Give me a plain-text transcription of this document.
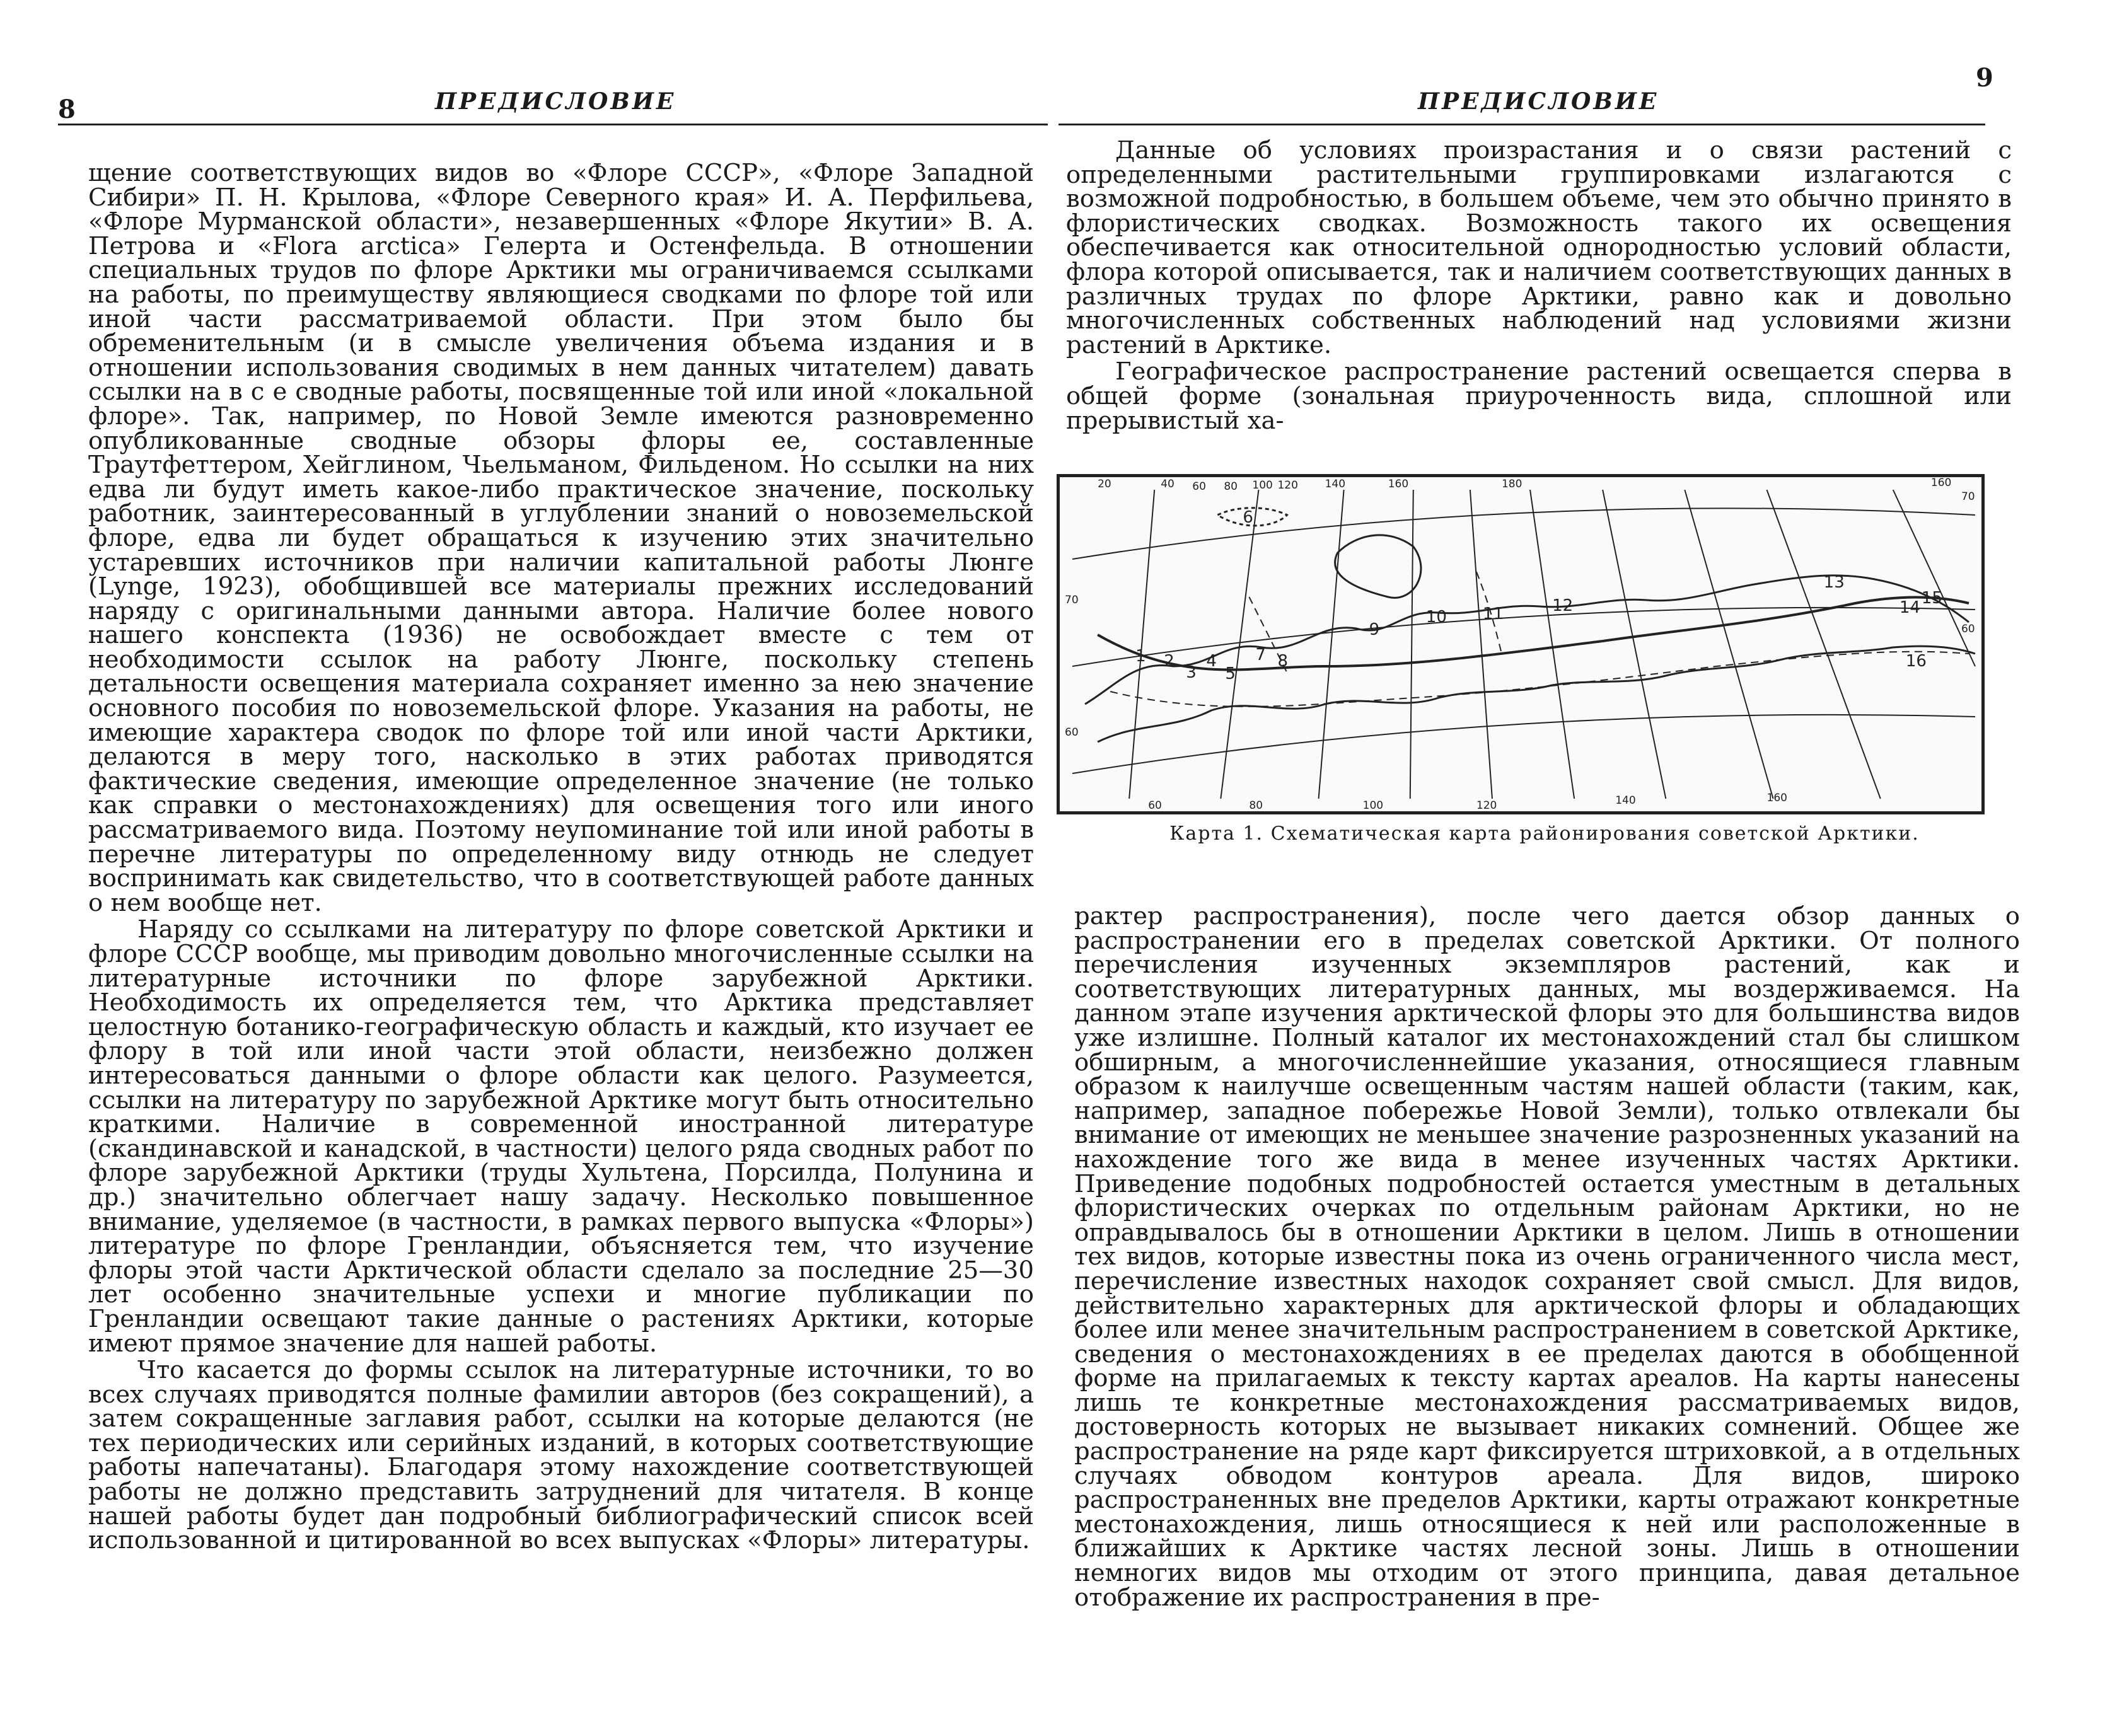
8	ПРЕДИСЛОВИЕ

щение соответствующих видов во «Флоре СССР», «Флоре Западной Сибири» П. Н. Крылова, «Флоре Северного края» И. А. Перфильева, «Флоре Мурманской области», незавершенных «Флоре Якутии» В. А. Петрова и «Flora arctica» Гелерта и Остенфельда. В отношении специальных трудов по флоре Арктики мы ограничиваемся ссылками на работы, по преимуществу являющиеся сводками по флоре той или иной части рассматриваемой области. При этом было бы обременительным (и в смысле увеличения объема издания и в отношении использования сводимых в нем данных читателем) давать ссылки на в с е сводные работы, посвященные той или иной «локальной флоре». Так, например, по Новой Земле имеются разновременно опубликованные сводные обзоры флоры ее, составленные Траутфеттером, Хейглином, Чьельманом, Фильденом. Но ссылки на них едва ли будут иметь какое-либо практическое значение, поскольку работник, заинтересованный в углублении знаний о новоземельской флоре, едва ли будет обращаться к изучению этих значительно устаревших источников при наличии капитальной работы Люнге (Lynge, 1923), обобщившей все материалы прежних исследований наряду с оригинальными данными автора. Наличие более нового нашего конспекта (1936) не освобождает вместе с тем от необходимости ссылок на работу Люнге, поскольку степень детальности освещения материала сохраняет именно за нею значение основного пособия по новоземельской флоре. Указания на работы, не имеющие характера сводок по флоре той или иной части Арктики, делаются в меру того, насколько в этих работах приводятся фактические сведения, имеющие определенное значение (не только как справки о местонахождениях) для освещения того или иного рассматриваемого вида. Поэтому неупоминание той или иной работы в перечне литературы по определенному виду отнюдь не следует воспринимать как свидетельство, что в соответствующей работе данных о нем вообще нет.

Наряду со ссылками на литературу по флоре советской Арктики и флоре СССР вообще, мы приводим довольно многочисленные ссылки на литературные источники по флоре зарубежной Арктики. Необходимость их определяется тем, что Арктика представляет целостную ботанико-географическую область и каждый, кто изучает ее флору в той или иной части этой области, неизбежно должен интересоваться данными о флоре области как целого. Разумеется, ссылки на литературу по зарубежной Арктике могут быть относительно краткими. Наличие в современной иностранной литературе (скандинавской и канадской, в частности) целого ряда сводных работ по флоре зарубежной Арктики (труды Хультена, Порсилда, Полунина и др.) значительно облегчает нашу задачу. Несколько повышенное внимание, уделяемое (в частности, в рамках первого выпуска «Флоры») литературе по флоре Гренландии, объясняется тем, что изучение флоры этой части Арктической области сделало за последние 25—30 лет особенно значительные успехи и многие публикации по Гренландии освещают такие данные о растениях Арктики, которые имеют прямое значение для нашей работы.

Что касается до формы ссылок на литературные источники, то во всех случаях приводятся полные фамилии авторов (без сокращений), а затем сокращенные заглавия работ, ссылки на которые делаются (не тех периодических или серийных изданий, в которых соответствующие работы напечатаны). Благодаря этому нахождение соответствующей работы не должно представить затруднений для читателя. В конце нашей работы будет дан подробный библиографический список всей использованной и цитированной во всех выпусках «Флоры» литературы.

ПРЕДИСЛОВИЕ
9

Данные об условиях произрастания и о связи растений с определенными растительными группировками излагаются с возможной подробностью, в большем объеме, чем это обычно принято в флористических сводках. Возможность такого их освещения обеспечивается как относительной однородностью условий области, флора которой описывается, так и наличием соответствующих данных в различных трудах по флоре Арктики, равно как и довольно многочисленных собственных наблюдений над условиями жизни растений в Арктике.

Географическое распространение растений освещается сперва в общей форме (зональная приуроченность вида, сплошной или прерывистый ха-

рактер распространения), после чего дается обзор данных о распространении его в пределах советской Арктики. От полного перечисления изученных экземпляров растений, как и соответствующих литературных данных, мы воздерживаемся. На данном этапе изучения арктической флоры это для большинства видов уже излишне. Полный каталог их местонахождений стал бы слишком обширным, а многочисленнейшие указания, относящиеся главным образом к наилучше освещенным частям нашей области (таким, как, например, западное побережье Новой Земли), только отвлекали бы внимание от имеющих не меньшее значение разрозненных указаний на нахождение того же вида в менее изученных частях Арктики. Приведение подобных подробностей остается уместным в детальных флористических очерках по отдельным районам Арктики, но не оправдывалось бы в отношении Арктики в целом. Лишь в отношении тех видов, которые известны пока из очень ограниченного числа мест, перечисление известных находок сохраняет свой смысл. Для видов, действительно характерных для арктической флоры и обладающих более или менее значительным распространением в советской Арктике, сведения о местонахождениях в ее пределах даются в обобщенной форме на прилагаемых к тексту картах ареалов. На карты нанесены лишь те конкретные местонахождения рассматриваемых видов, достоверность которых не вызывает никаких сомнений. Общее же распространение на ряде карт фиксируется штриховкой, а в отдельных случаях обводом контуров ареала. Для видов, широко распространенных вне пределов Арктики, карты отражают конкретные местонахождения, лишь относящиеся к ней или расположенные в ближайших к Арктике частях лесной зоны. Лишь в отношении немногих видов мы отходим от этого принципа, давая детальное отображение их распространения в пре-

20	40 60 80 100 120	140	160	180	160
60	80	100	120	140	160
70
60
70
60
1 2
3
4
5
6
7 8
9
10 11	12
13
14
15
16
Карта 1. Схематическая карта районирования советской Арктики.
